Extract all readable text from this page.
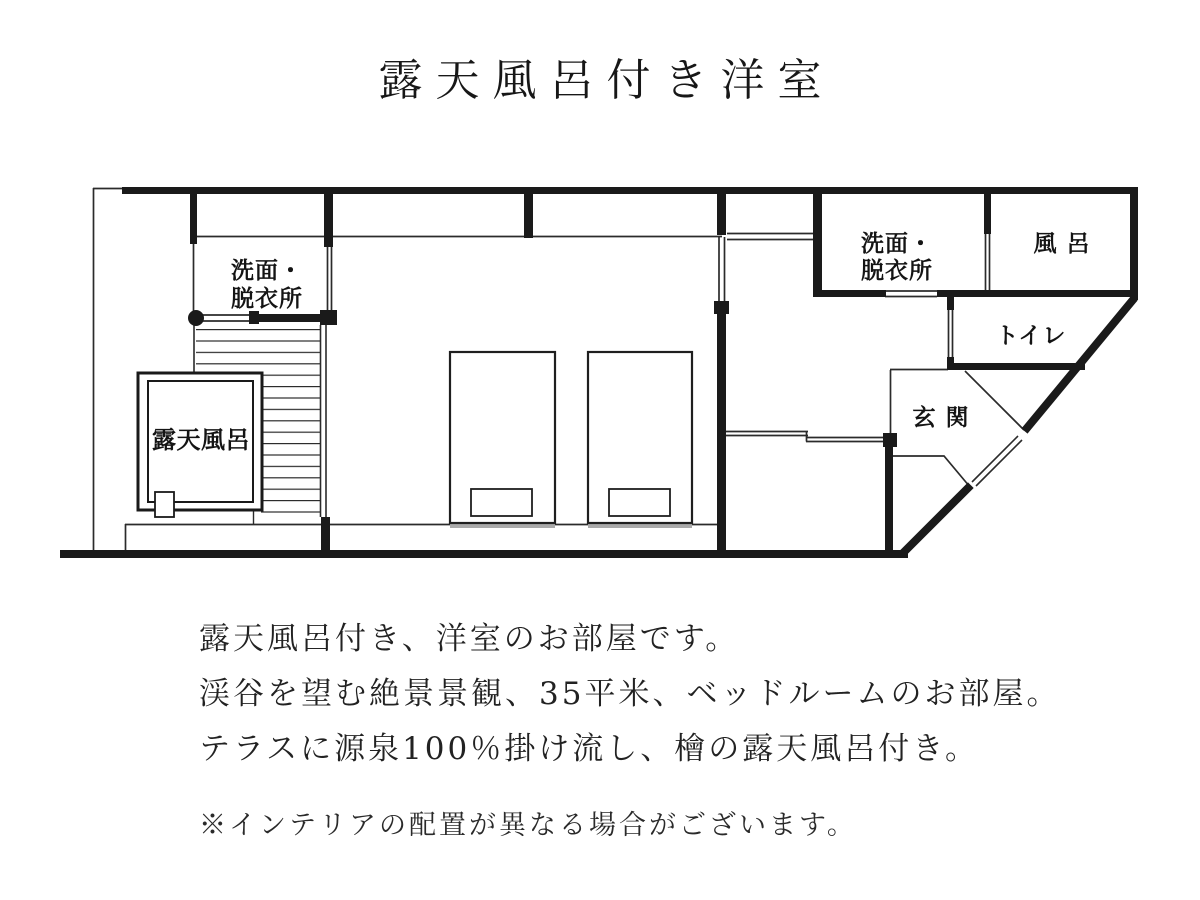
露天風呂付き洋室
露天風呂
洗面・
脱衣所
洗面・
脱衣所
風 呂
トイレ
玄 関
露天風呂付き、洋室のお部屋です。
渓谷を望む絶景景観、35平米、ベッドルームのお部屋。
テラスに源泉100％掛け流し、檜の露天風呂付き。
※インテリアの配置が異なる場合がございます。
